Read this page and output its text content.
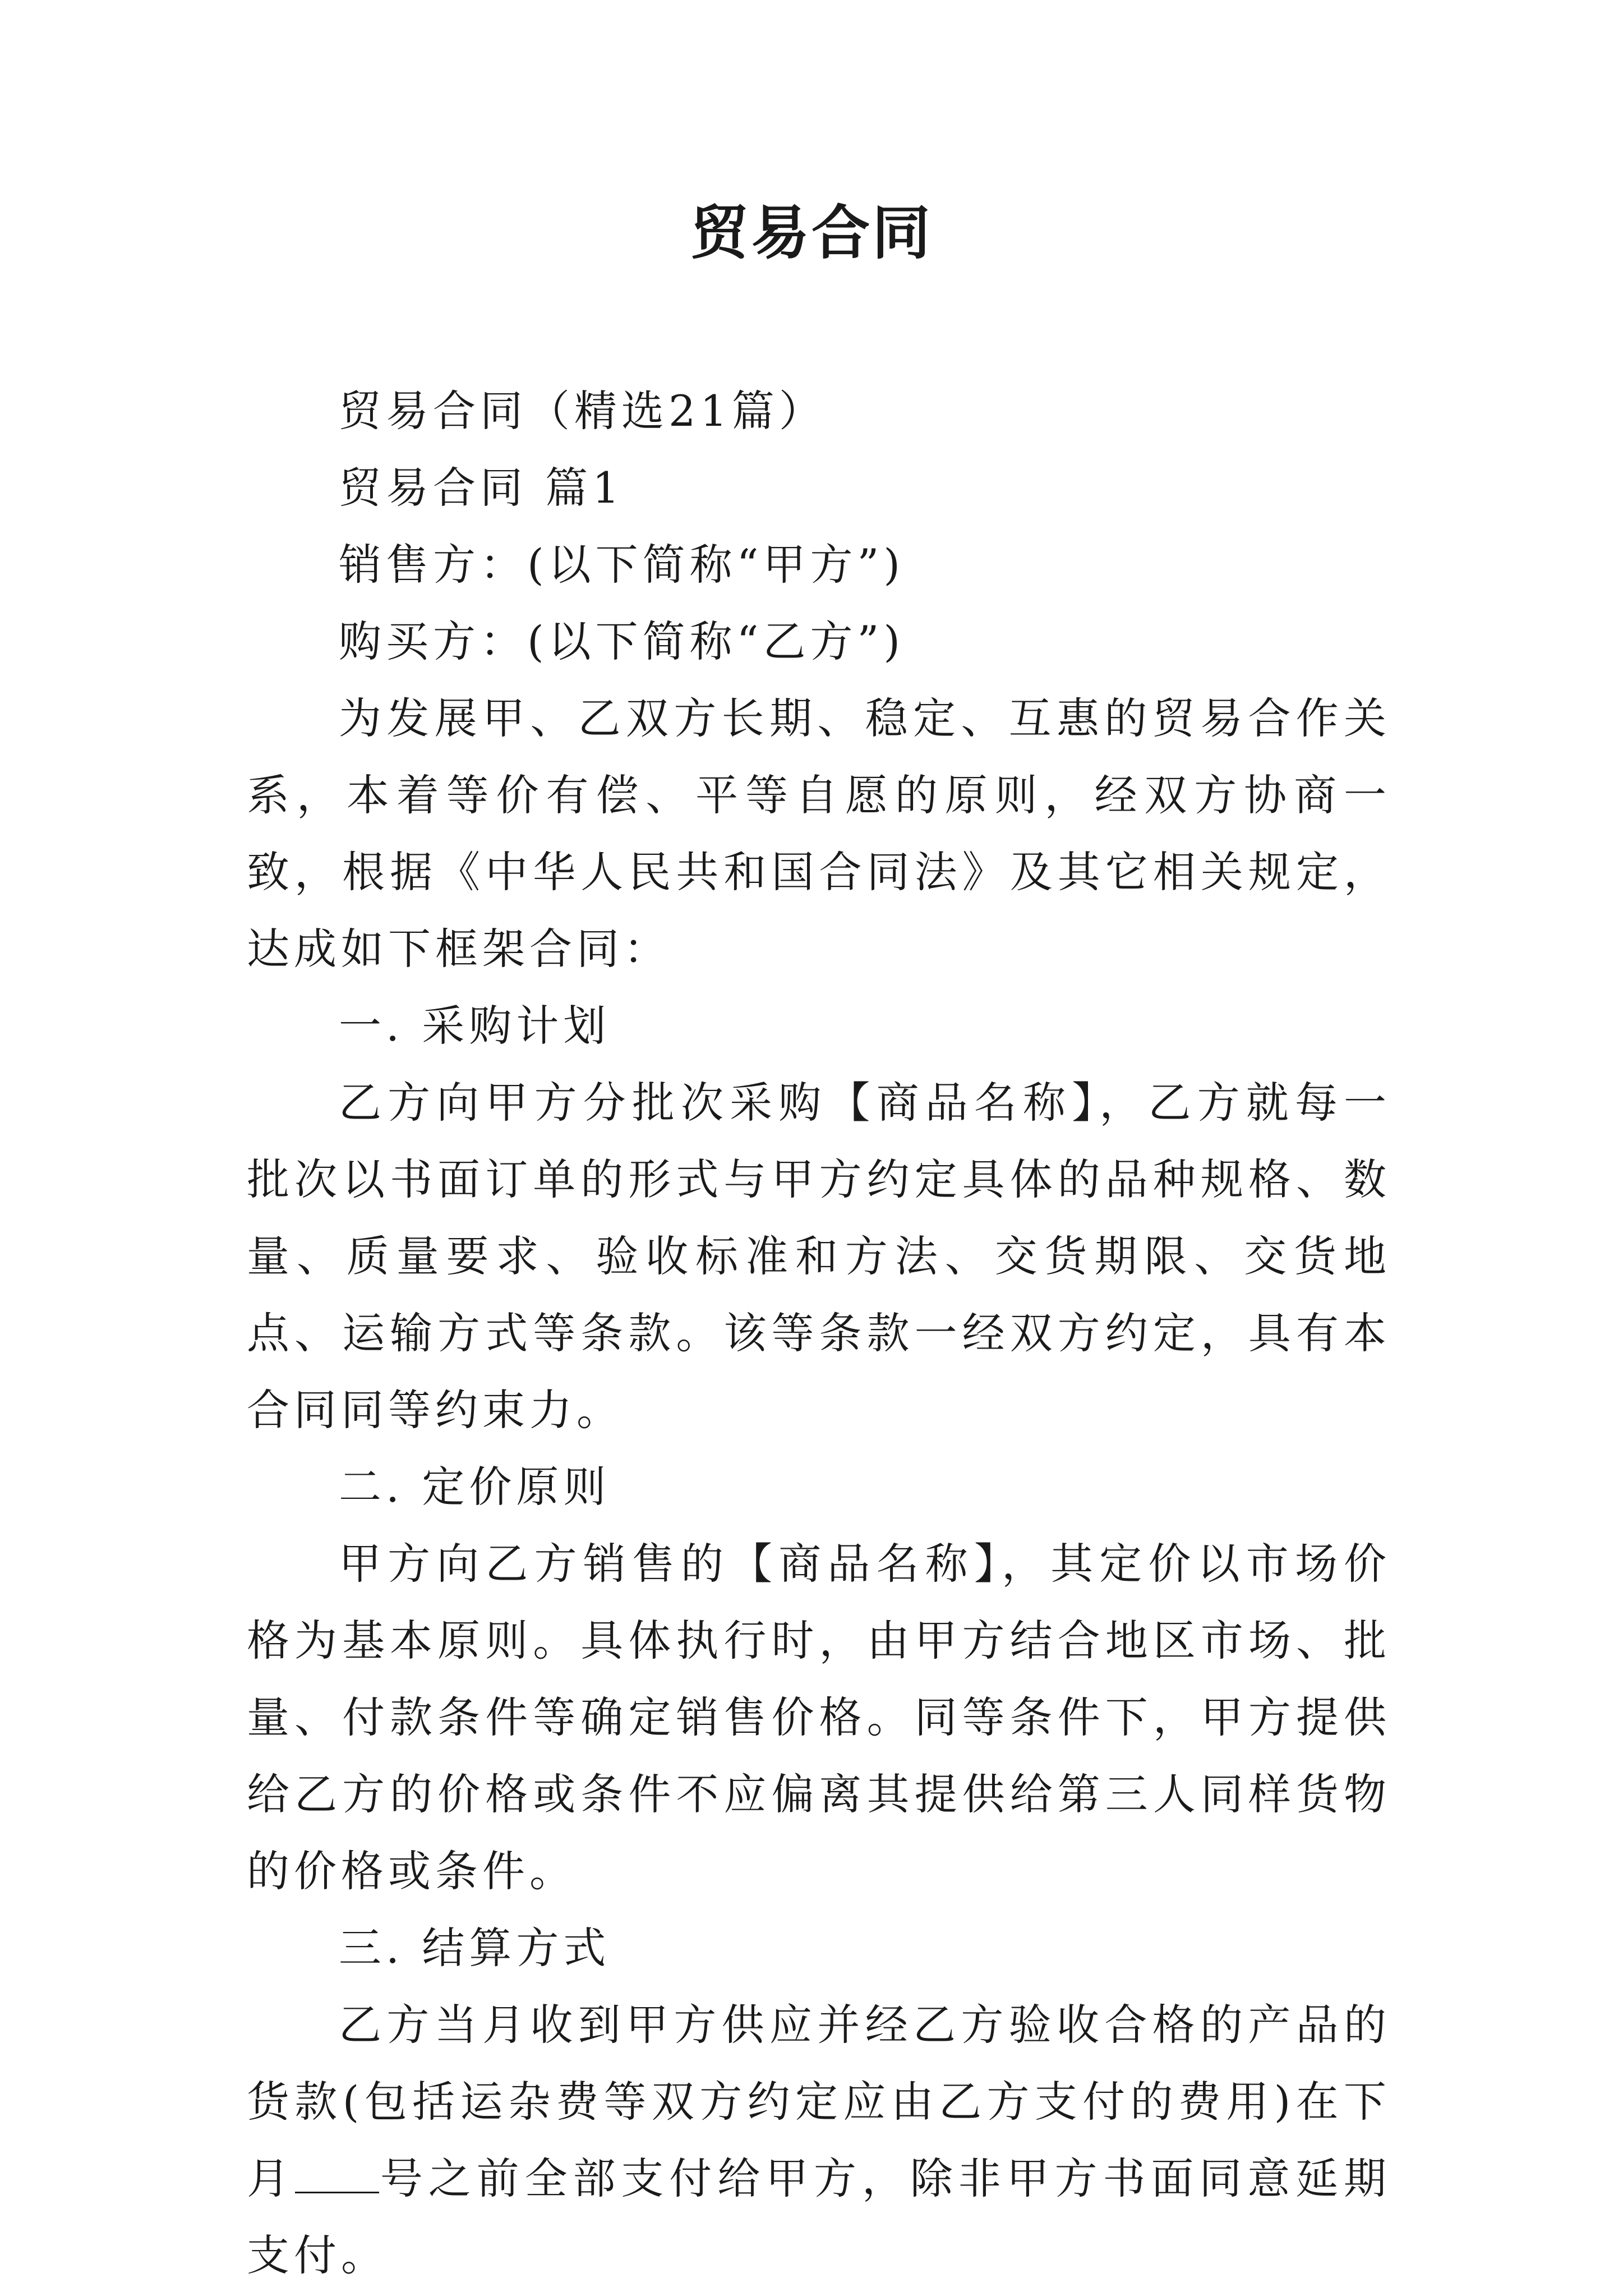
贸易合同

贸易合同（精选21篇）

贸易合同 篇1

销售方：(以下简称“甲方”)

购买方：(以下简称“乙方”)

为发展甲、乙双方长期、稳定、互惠的贸易合作关系，本着等价有偿、平等自愿的原则，经双方协商一致，根据《中华人民共和国合同法》及其它相关规定，达成如下框架合同：

一. 采购计划

乙方向甲方分批次采购【商品名称】，乙方就每一批次以书面订单的形式与甲方约定具体的品种规格、数量、质量要求、验收标准和方法、交货期限、交货地点、运输方式等条款。该等条款一经双方约定，具有本合同同等约束力。

二. 定价原则

甲方向乙方销售的【商品名称】，其定价以市场价格为基本原则。具体执行时，由甲方结合地区市场、批量、付款条件等确定销售价格。同等条件下，甲方提供给乙方的价格或条件不应偏离其提供给第三人同样货物的价格或条件。

三. 结算方式

乙方当月收到甲方供应并经乙方验收合格的产品的货款(包括运杂费等双方约定应由乙方支付的费用)在下月 号之前全部支付给甲方，除非甲方书面同意延期支付。
